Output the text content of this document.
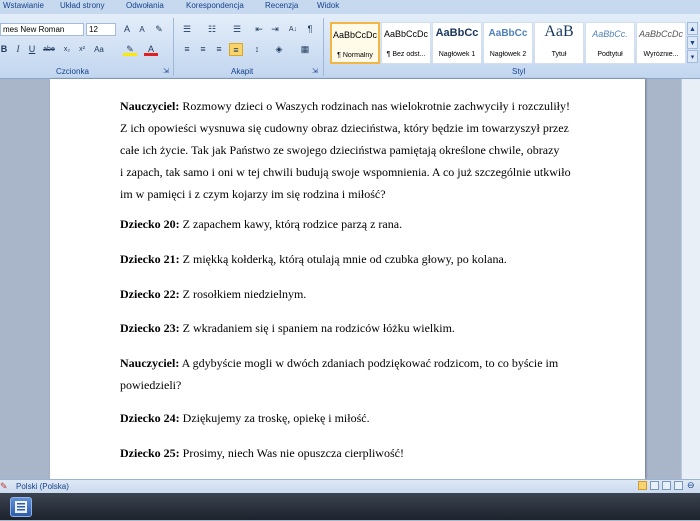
Wstawianie Układ strony	Odwołania	Korespondencja	Recenzja Widok
mes New Roman	12	A	A	✎
B	I	U	abe	x₂	x²	Aa	✎	A
Czcionka	⇲
☰	☷	☰	⇤ ⇥	A↓	¶
≡	≡	≡	≡	↕	◈	▦
Akapit	⇲
AaBbCcDc
¶ Normalny
AaBbCcDc
¶ Bez odst...
AaBbCc
Nagłówek 1
AaBbCc
Nagłówek 2
AaB
Tytuł
AaBbCc.
Podtytuł
AaBbCcDc
Wyróżnie...
▲
▼
▾
Styl
Nauczyciel: Rozmowy dzieci o Waszych rodzinach nas wielokrotnie zachwyciły i rozczuliły!
Z ich opowieści wysnuwa się cudowny obraz dzieciństwa, który będzie im towarzyszył przez
całe ich życie. Tak jak Państwo ze swojego dzieciństwa pamiętają określone chwile, obrazy
i zapach, tak samo i oni w tej chwili budują swoje wspomnienia. A co już szczególnie utkwiło
im w pamięci i z czym kojarzy im się rodzina i miłość?
Dziecko 20: Z zapachem kawy, którą rodzice parzą z rana.
Dziecko 21: Z miękką kołderką, którą otulają mnie od czubka głowy, po kolana.
Dziecko 22: Z rosołkiem niedzielnym.
Dziecko 23: Z wkradaniem się i spaniem na rodziców łóżku wielkim.
Nauczyciel: A gdybyście mogli w dwóch zdaniach podziękować rodzicom, to co byście im
powiedzieli?
Dziecko 24: Dziękujemy za troskę, opiekę i miłość.
Dziecko 25: Prosimy, niech Was nie opuszcza cierpliwość!
✎ Polski (Polska)	⊖
